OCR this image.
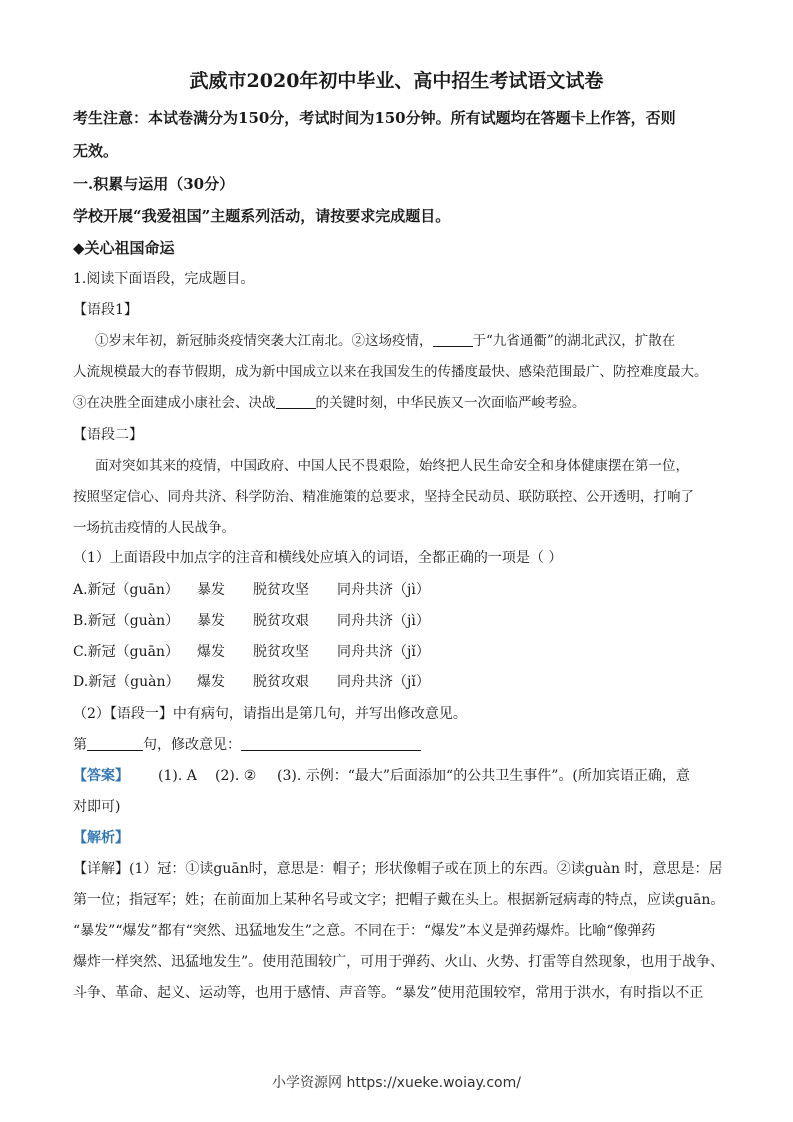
武威市2020年初中毕业、高中招生考试语文试卷
考生注意：本试卷满分为150分，考试时间为150分钟。所有试题均在答题卡上作答，否则
无效。
一.积累与运用（30分）
学校开展“我爱祖国”主题系列活动，请按要求完成题目。
◆关心祖国命运
1.阅读下面语段，完成题目。
【语段1】
①岁末年初，新冠肺炎疫情突袭大江南北。②这场疫情，	于“九省通衢”的湖北武汉，扩散在
人流规模最大的春节假期，成为新中国成立以来在我国发生的传播度最快、感染范围最广、防控难度最大。
③在决胜全面建成小康社会、决战	的关键时刻，中华民族又一次面临严峻考验。
【语段二】
面对突如其来的疫情，中国政府、中国人民不畏艰险，始终把人民生命安全和身体健康摆在第一位，
按照坚定信心、同舟共济、科学防治、精准施策的总要求，坚持全民动员、联防联控、公开透明，打响了
一场抗击疫情的人民战争。
（1）上面语段中加点字的注音和横线处应填入的词语，全都正确的一项是（ ）
A.新冠（guān） 暴发 脱贫攻坚 同舟共济（jì）
B.新冠（guàn） 暴发 脱贫攻艰 同舟共济（jì）
C.新冠（guān） 爆发 脱贫攻坚 同舟共济（jǐ）
D.新冠（guàn） 爆发 脱贫攻艰 同舟共济（jǐ）
（2）【语段一】中有病句，请指出是第几句，并写出修改意见。
第	句，修改意见：
【答案】 (1). A (2). ② (3). 示例：“最大”后面添加“的公共卫生事件”。(所加宾语正确，意
对即可)
【解析】
【详解】(1）冠：①读guān时，意思是：帽子；形状像帽子或在顶上的东西。②读guàn 时，意思是：居
第一位；指冠军；姓；在前面加上某种名号或文字；把帽子戴在头上。根据新冠病毒的特点，应读guān。
“暴发”“爆发”都有“突然、迅猛地发生”之意。不同在于：“爆发”本义是弹药爆炸。比喻“像弹药
爆炸一样突然、迅猛地发生”。使用范围较广，可用于弹药、火山、火势、打雷等自然现象，也用于战争、
斗争、革命、起义、运动等，也用于感情、声音等。“暴发”使用范围较窄，常用于洪水，有时指以不正
小学资源网 https://xueke.woiay.com/
